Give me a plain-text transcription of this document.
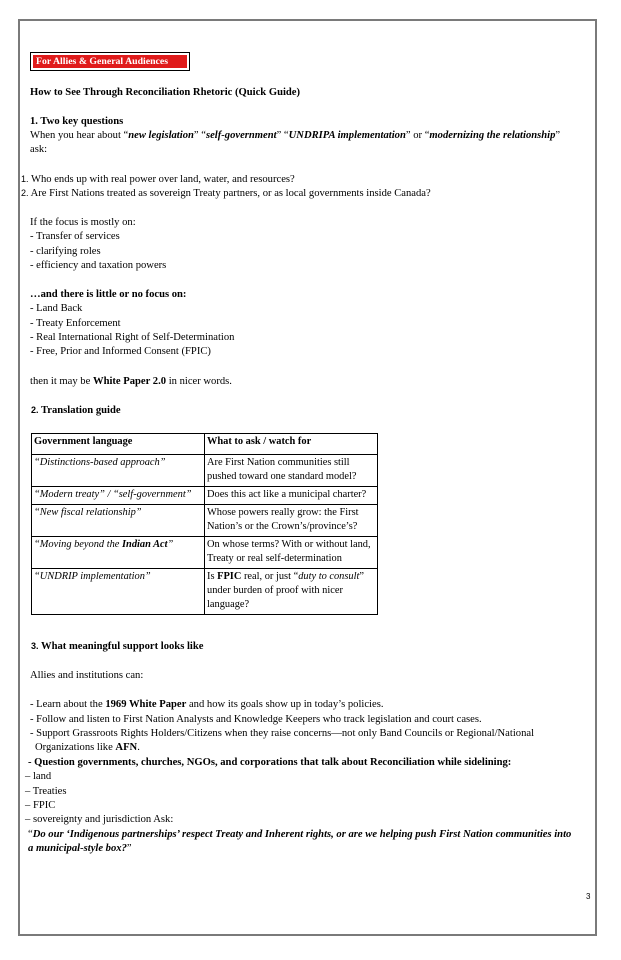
For Allies & General Audiences
How to See Through Reconciliation Rhetoric (Quick Guide)
1. Two key questions
When you hear about “new legislation” “self-government” “UNDRIPA implementation” or “modernizing the relationship”
ask:
1. Who ends up with real power over land, water, and resources?
2. Are First Nations treated as sovereign Treaty partners, or as local governments inside Canada?
If the focus is mostly on:
- Transfer of services
- clarifying roles
- efficiency and taxation powers
…and there is little or no focus on:
- Land Back
- Treaty Enforcement
- Real International Right of Self-Determination
- Free, Prior and Informed Consent (FPIC)
then it may be White Paper 2.0 in nicer words.
2. Translation guide
Government language	What to ask / watch for
“Distinctions-based approach”	Are First Nation communities still pushed toward one standard model?
“Modern treaty” / “self-government”	Does this act like a municipal charter?
“New fiscal relationship”	Whose powers really grow: the First Nation’s or the Crown’s/province’s?
“Moving beyond the Indian Act”	On whose terms? With or without land, Treaty or real self-determination
“UNDRIP implementation”	Is FPIC real, or just “duty to consult” under burden of proof with nicer language?
3. What meaningful support looks like
Allies and institutions can:
- Learn about the 1969 White Paper and how its goals show up in today’s policies.
- Follow and listen to First Nation Analysts and Knowledge Keepers who track legislation and court cases.
- Support Grassroots Rights Holders/Citizens when they raise concerns—not only Band Councils or Regional/National
Organizations like AFN.
- Question governments, churches, NGOs, and corporations that talk about Reconciliation while sidelining:
– land
– Treaties
– FPIC
– sovereignty and jurisdiction Ask:
“Do our ‘Indigenous partnerships’ respect Treaty and Inherent rights, or are we helping push First Nation communities into
a municipal-style box?”
3
